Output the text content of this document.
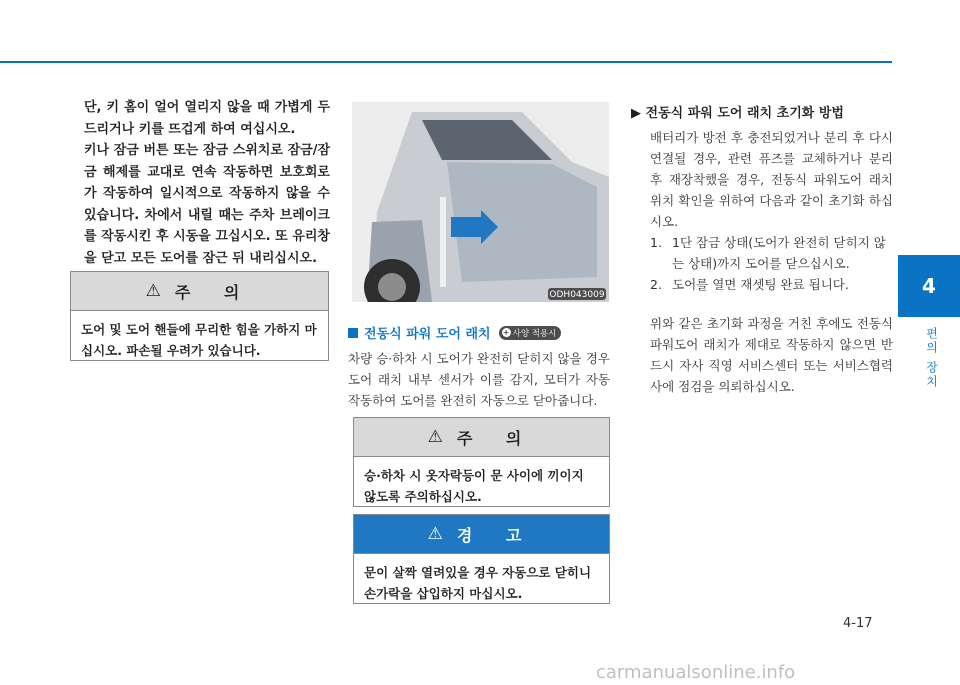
단, 키 홈이 얼어 열리지 않을 때 가볍게 두드리거나 키를 뜨겁게 하여 여십시오.
키나 잠금 버튼 또는 잠금 스위치로 잠금/잠금 해제를 교대로 연속 작동하면 보호회로가 작동하여 일시적으로 작동하지 않을 수 있습니다. 차에서 내릴 때는 주차 브레이크를 작동시킨 후 시동을 끄십시오. 또 유리창을 닫고 모든 도어를 잠근 뒤 내리십시오.

⚠ 주 의
도어 및 도어 핸들에 무리한 힘을 가하지 마십시오. 파손될 우려가 있습니다.
ODH043009
전동식 파워 도어 래치 + 사양 적용시

차량 승·하차 시 도어가 완전히 닫히지 않을 경우 도어 래치 내부 센서가 이를 감지, 모터가 자동 작동하여 도어를 완전히 자동으로 닫아줍니다.

⚠ 주 의
승·하차 시 옷자락등이 문 사이에 끼이지 않도록 주의하십시오.
⚠ 경 고
문이 살짝 열려있을 경우 자동으로 닫히니 손가락을 삽입하지 마십시오.
▶ 전동식 파워 도어 래치 초기화 방법

배터리가 방전 후 충전되었거나 분리 후 다시 연결될 경우, 관련 퓨즈를 교체하거나 분리 후 재장착했을 경우, 전동식 파워도어 래치 위치 확인을 위하여 다음과 같이 초기화 하십시오.

1. 1단 잠금 상태(도어가 완전히 닫히지 않는 상태)까지 도어를 닫으십시오.
2. 도어를 열면 재셋팅 완료 됩니다.

위와 같은 초기화 과정을 거친 후에도 전동식 파워도어 래치가 제대로 작동하지 않으면 반드시 자사 직영 서비스센터 또는 서비스협력사에 점검을 의뢰하십시오.

4
편의 장치
4-17
carmanualsonline.info
